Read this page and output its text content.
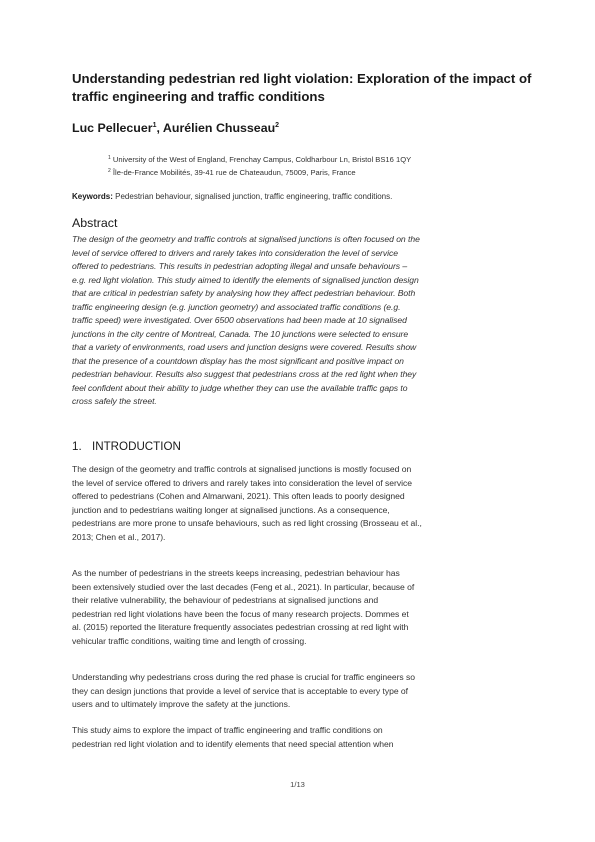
Understanding pedestrian red light violation: Exploration of the impact of
traffic engineering and traffic conditions
Luc Pellecuer$^1$, Aurélien Chusseau$^2$
$^1$ University of the West of England, Frenchay Campus, Coldharbour Ln, Bristol BS16 1QY
$^2$ Île-de-France Mobilités, 39-41 rue de Chateaudun, 75009, Paris, France
Keywords: Pedestrian behaviour, signalised junction, traffic engineering, traffic conditions.
Abstract
The design of the geometry and traffic controls at signalised junctions is often focused on the
level of service offered to drivers and rarely takes into consideration the level of service
offered to pedestrians. This results in pedestrian adopting illegal and unsafe behaviours –
e.g. red light violation. This study aimed to identify the elements of signalised junction design
that are critical in pedestrian safety by analysing how they affect pedestrian behaviour. Both
traffic engineering design (e.g. junction geometry) and associated traffic conditions (e.g.
traffic speed) were investigated. Over 6500 observations had been made at 10 signalised
junctions in the city centre of Montreal, Canada. The 10 junctions were selected to ensure
that a variety of environments, road users and junction designs were covered. Results show
that the presence of a countdown display has the most significant and positive impact on
pedestrian behaviour. Results also suggest that pedestrians cross at the red light when they
feel confident about their ability to judge whether they can use the available traffic gaps to
cross safely the street.
1. INTRODUCTION
The design of the geometry and traffic controls at signalised junctions is mostly focused on
the level of service offered to drivers and rarely takes into consideration the level of service
offered to pedestrians (Cohen and Almarwani, 2021). This often leads to poorly designed
junction and to pedestrians waiting longer at signalised junctions. As a consequence,
pedestrians are more prone to unsafe behaviours, such as red light crossing (Brosseau et al.,
2013; Chen et al., 2017).
As the number of pedestrians in the streets keeps increasing, pedestrian behaviour has
been extensively studied over the last decades (Feng et al., 2021). In particular, because of
their relative vulnerability, the behaviour of pedestrians at signalised junctions and
pedestrian red light violations have been the focus of many research projects. Dommes et
al. (2015) reported the literature frequently associates pedestrian crossing at red light with
vehicular traffic conditions, waiting time and length of crossing.
Understanding why pedestrians cross during the red phase is crucial for traffic engineers so
they can design junctions that provide a level of service that is acceptable to every type of
users and to ultimately improve the safety at the junctions.
This study aims to explore the impact of traffic engineering and traffic conditions on
pedestrian red light violation and to identify elements that need special attention when
1/13
